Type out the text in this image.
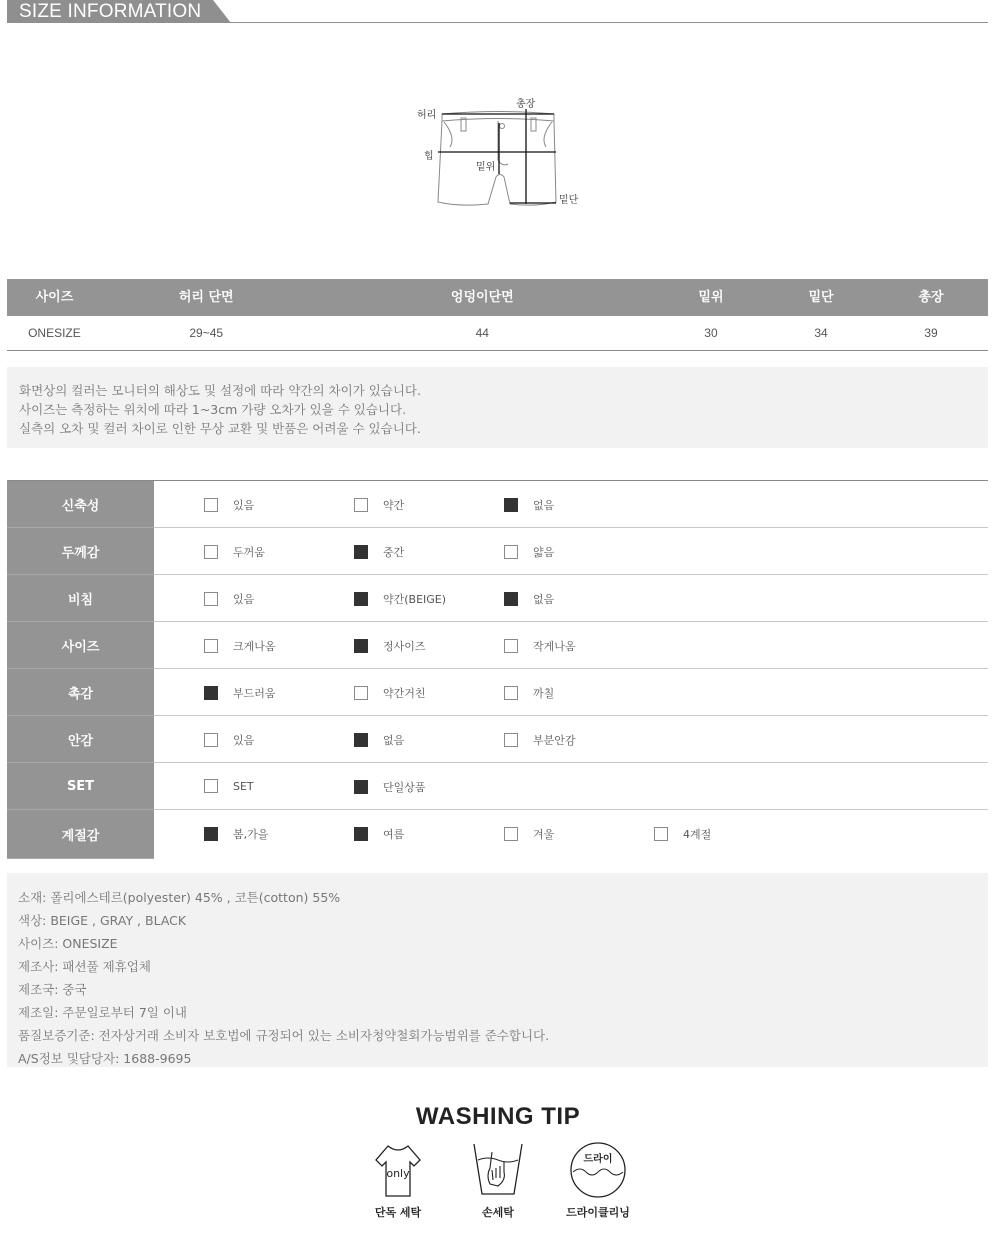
SIZE INFORMATION
허리
총장
힙
밑위
밑단
사이즈	허리 단면	엉덩이단면	밑위	밑단	총장
ONESIZE	29~45	44	30	34	39

화면상의 컬러는 모니터의 해상도 및 설정에 따라 약간의 차이가 있습니다.

사이즈는 측정하는 위치에 따라 1~3cm 가량 오차가 있을 수 있습니다.

실측의 오차 및 컬러 차이로 인한 무상 교환 및 반품은 어려울 수 있습니다.

신축성	있음	약간	없음
두께감	두꺼움	중간	얇음
비침	있음	약간(BEIGE)	없음
사이즈	크게나옴	정사이즈	작게나옴
촉감	부드러움	약간거친	까칠
안감	있음	없음	부분안감
SET	SET	단일상품
계절감	봄,가을	여름	겨울	4계절

소재: 폴리에스테르(polyester) 45% , 코튼(cotton) 55%

색상: BEIGE , GRAY , BLACK

사이즈: ONESIZE

제조사: 패션풀 제휴업체

제조국: 중국

제조일: 주문일로부터 7일 이내

품질보증기준: 전자상거래 소비자 보호법에 규정되어 있는 소비자청약철회가능범위를 준수합니다.

A/S정보 및담당자: 1688-9695

WASHING TIP
only
단독 세탁	손세탁
드라이
드라이클리닝
